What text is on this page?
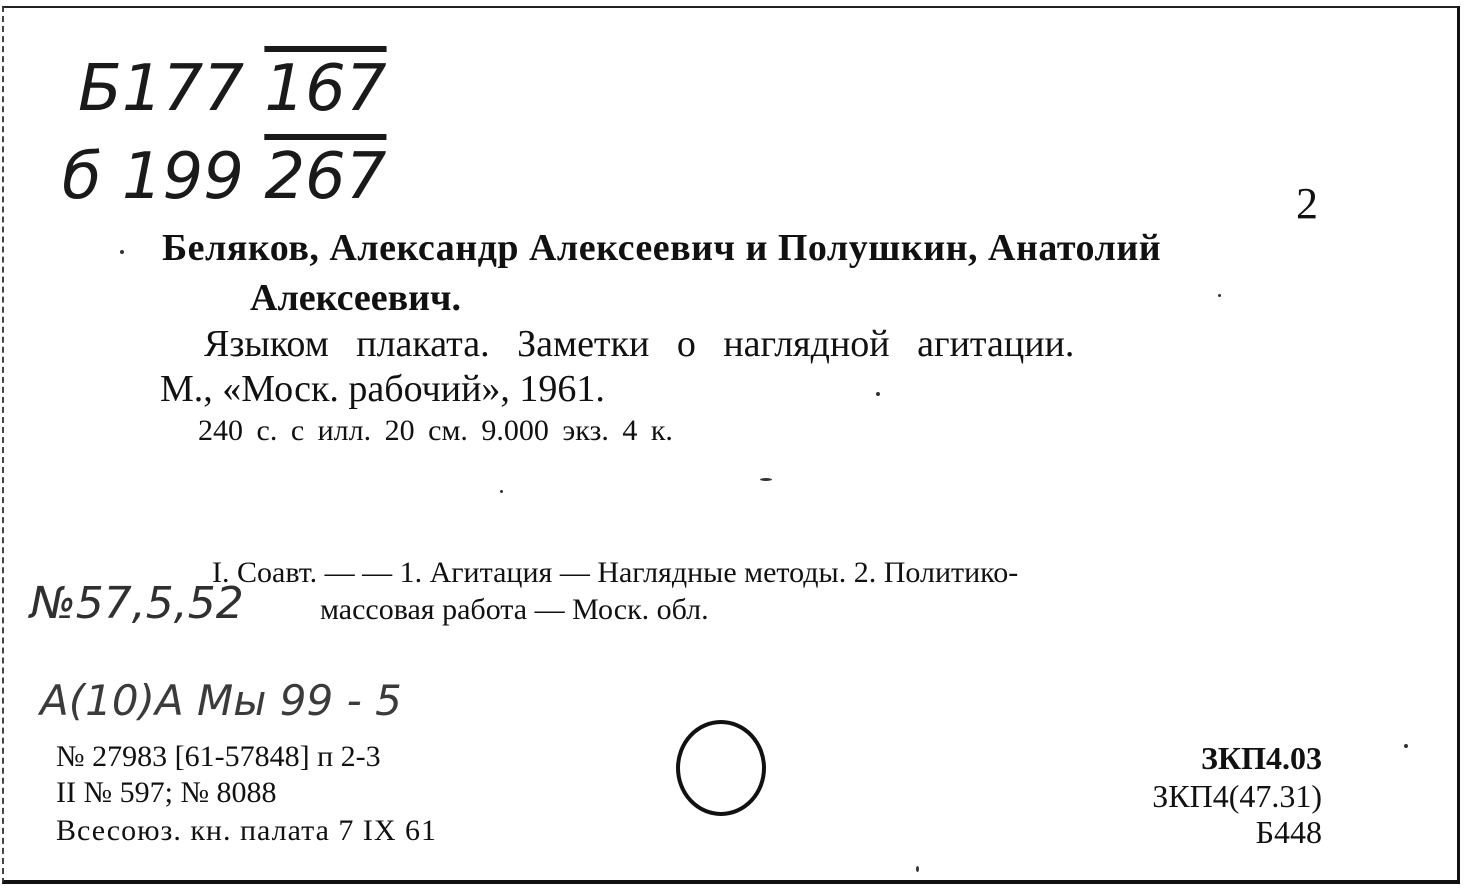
Б177 167
б 199 267	2
Беляков, Александр Алексеевич и Полушкин, Анатолий
Алексеевич.
Языком плаката. Заметки о наглядной агитации.
М., «Моск. рабочий», 1961.
240 с. с илл. 20 см. 9.000 экз. 4 к.
I. Соавт. — — 1. Агитация — Наглядные методы. 2. Политико-
массовая работа — Моск. обл.
№57,5,52
А(10)А Мы 99 - 5
№ 27983 [61-57848] п 2-3
II № 597; № 8088
Всесоюз. кн. палата 7 IX 61
ЗКП4.03
ЗКП4(47.31)
Б448
